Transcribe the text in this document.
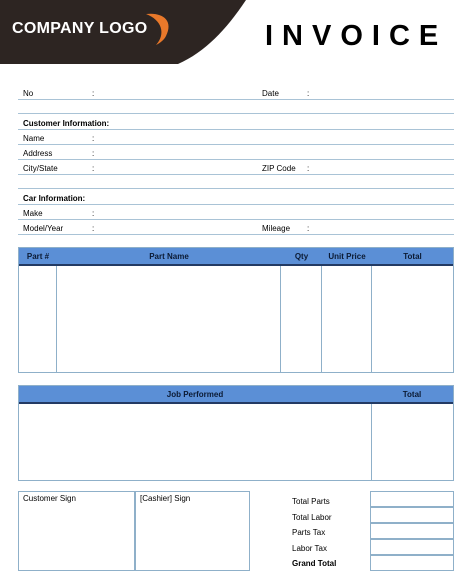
COMPANY LOGO	INVOICE
No	:	Date	:
Customer Information:
Name	:
Address	:
City/State	:	ZIP Code :
Car Information:
Make	:
Model/Year	:	Mileage :
Part #	Part Name	Qty	Unit Price	Total
Job Performed	Total
Customer Sign	[Cashier] Sign	Total Parts
Total Labor
Parts Tax
Labor Tax
Grand Total
